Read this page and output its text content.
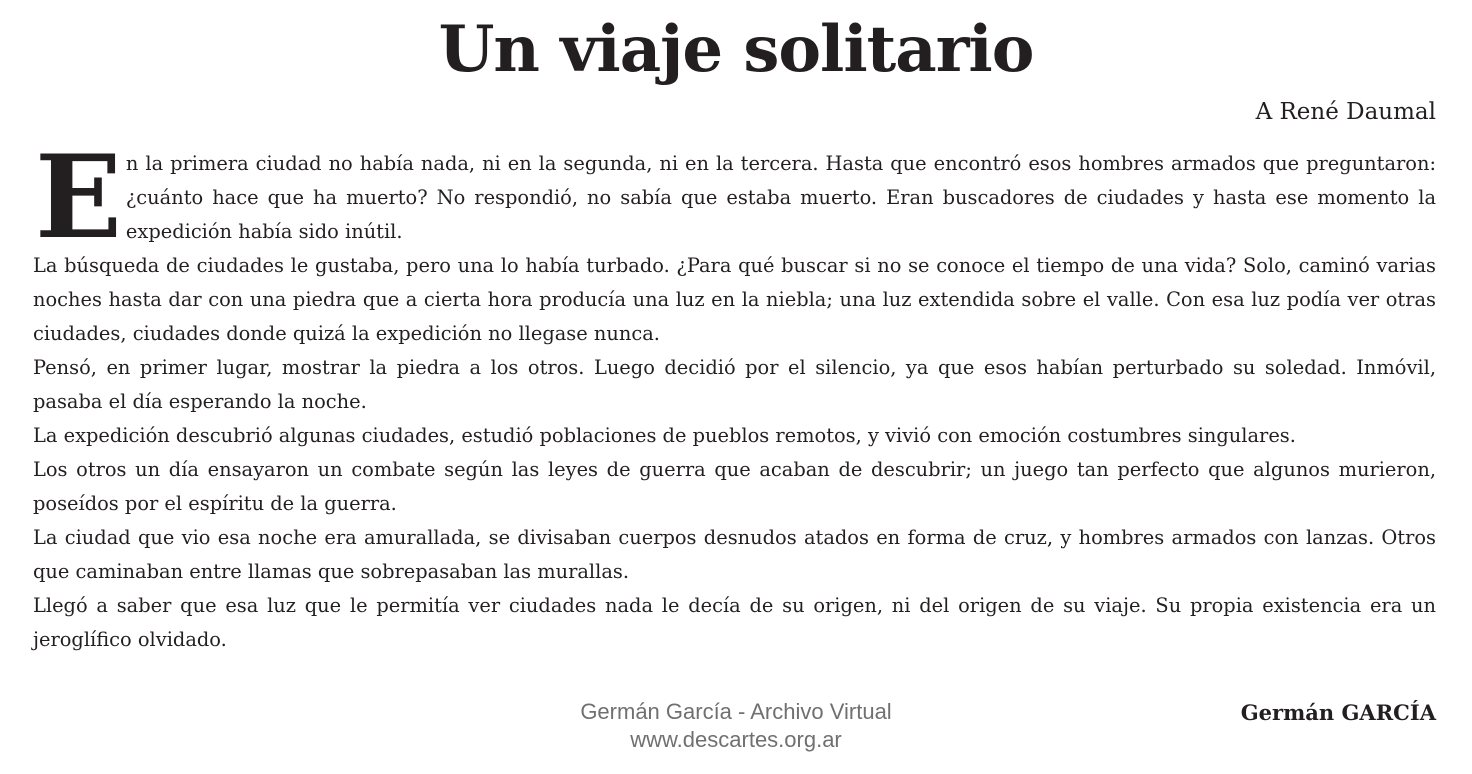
Un viaje solitario
A René Daumal

En la primera ciudad no había nada, ni en la segunda, ni en la tercera. Hasta que encontró esos hombres armados que preguntaron: ¿cuánto hace que ha muerto? No respondió, no sabía que estaba muerto. Eran buscadores de ciudades y hasta ese momento la expedición había sido inútil.

La búsqueda de ciudades le gustaba, pero una lo había turbado. ¿Para qué buscar si no se conoce el tiempo de una vida? Solo, caminó varias noches hasta dar con una piedra que a cierta hora producía una luz en la niebla; una luz extendida sobre el valle. Con esa luz podía ver otras ciudades, ciudades donde quizá la expedición no llegase nunca.

Pensó, en primer lugar, mostrar la piedra a los otros. Luego decidió por el silencio, ya que esos habían perturbado su soledad. Inmóvil, pasaba el día esperando la noche.

La expedición descubrió algunas ciudades, estudió poblaciones de pueblos remotos, y vivió con emoción costumbres singulares.

Los otros un día ensayaron un combate según las leyes de guerra que acaban de descubrir; un juego tan perfecto que algunos murieron, poseídos por el espíritu de la guerra.

La ciudad que vio esa noche era amurallada, se divisaban cuerpos desnudos atados en forma de cruz, y hombres armados con lanzas. Otros que caminaban entre llamas que sobrepasaban las murallas.

Llegó a saber que esa luz que le permitía ver ciudades nada le decía de su origen, ni del origen de su viaje. Su propia existencia era un jeroglífico olvidado.

Germán García - Archivo Virtual
www.descartes.org.ar
Germán GARCÍA
